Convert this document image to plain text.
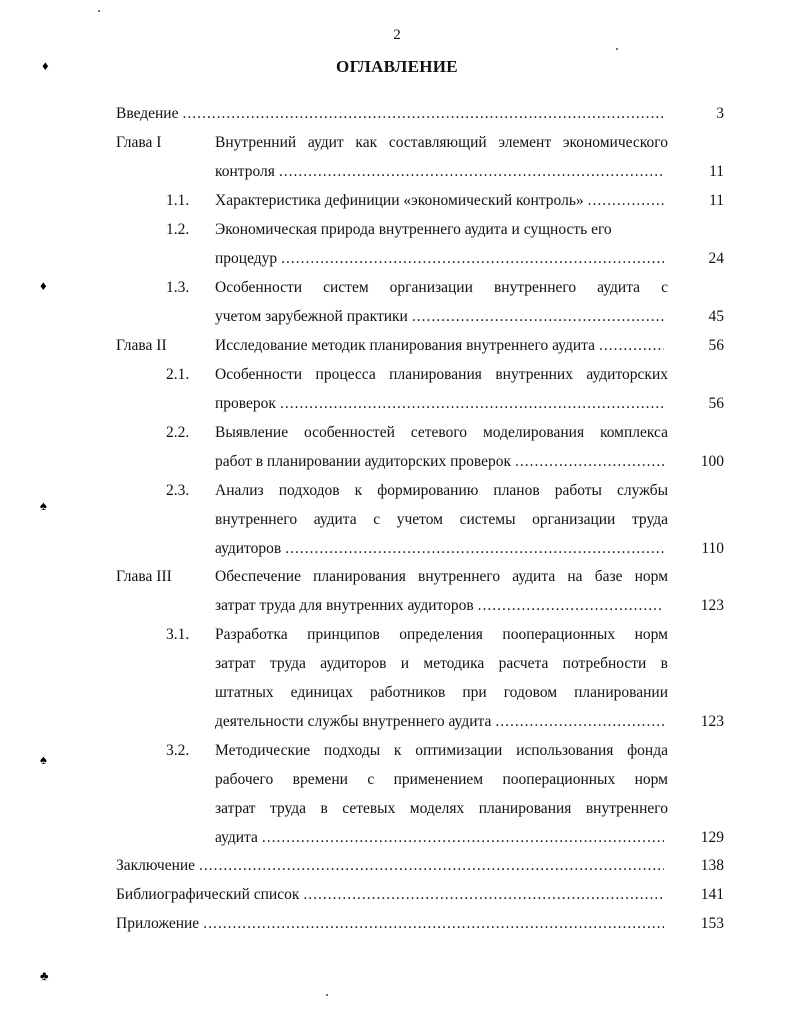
2
ОГЛАВЛЕНИЕ
♦
♦
♠
♠
♣
Введение .....	3
Глава I	Внутренний аудит как составляющий элемент экономического
контроля .....	11
1.1. Характеристика дефиниции «экономический контроль» .....	11
1.2. Экономическая природа внутреннего аудита и сущность его
процедур .....	24
1.3. Особенности систем организации внутреннего аудита с
учетом зарубежной практики .....	45
Глава II	Исследование методик планирования внутреннего аудита .....	56
2.1. Особенности процесса планирования внутренних аудиторских
проверок .....	56
2.2. Выявление особенностей сетевого моделирования комплекса
работ в планировании аудиторских проверок .....	100
2.3. Анализ подходов к формированию планов работы службы
внутреннего аудита с учетом системы организации труда
аудиторов .....	110
Глава III	Обеспечение планирования внутреннего аудита на базе норм
затрат труда для внутренних аудиторов .....	123
3.1. Разработка принципов определения пооперационных норм
затрат труда аудиторов и методика расчета потребности в
штатных единицах работников при годовом планировании
деятельности службы внутреннего аудита .....	123
3.2. Методические подходы к оптимизации использования фонда
рабочего времени с применением пооперационных норм
затрат труда в сетевых моделях планирования внутреннего
аудита .....	129
Заключение .....	138
Библиографический список .....	141
Приложение .....	153
